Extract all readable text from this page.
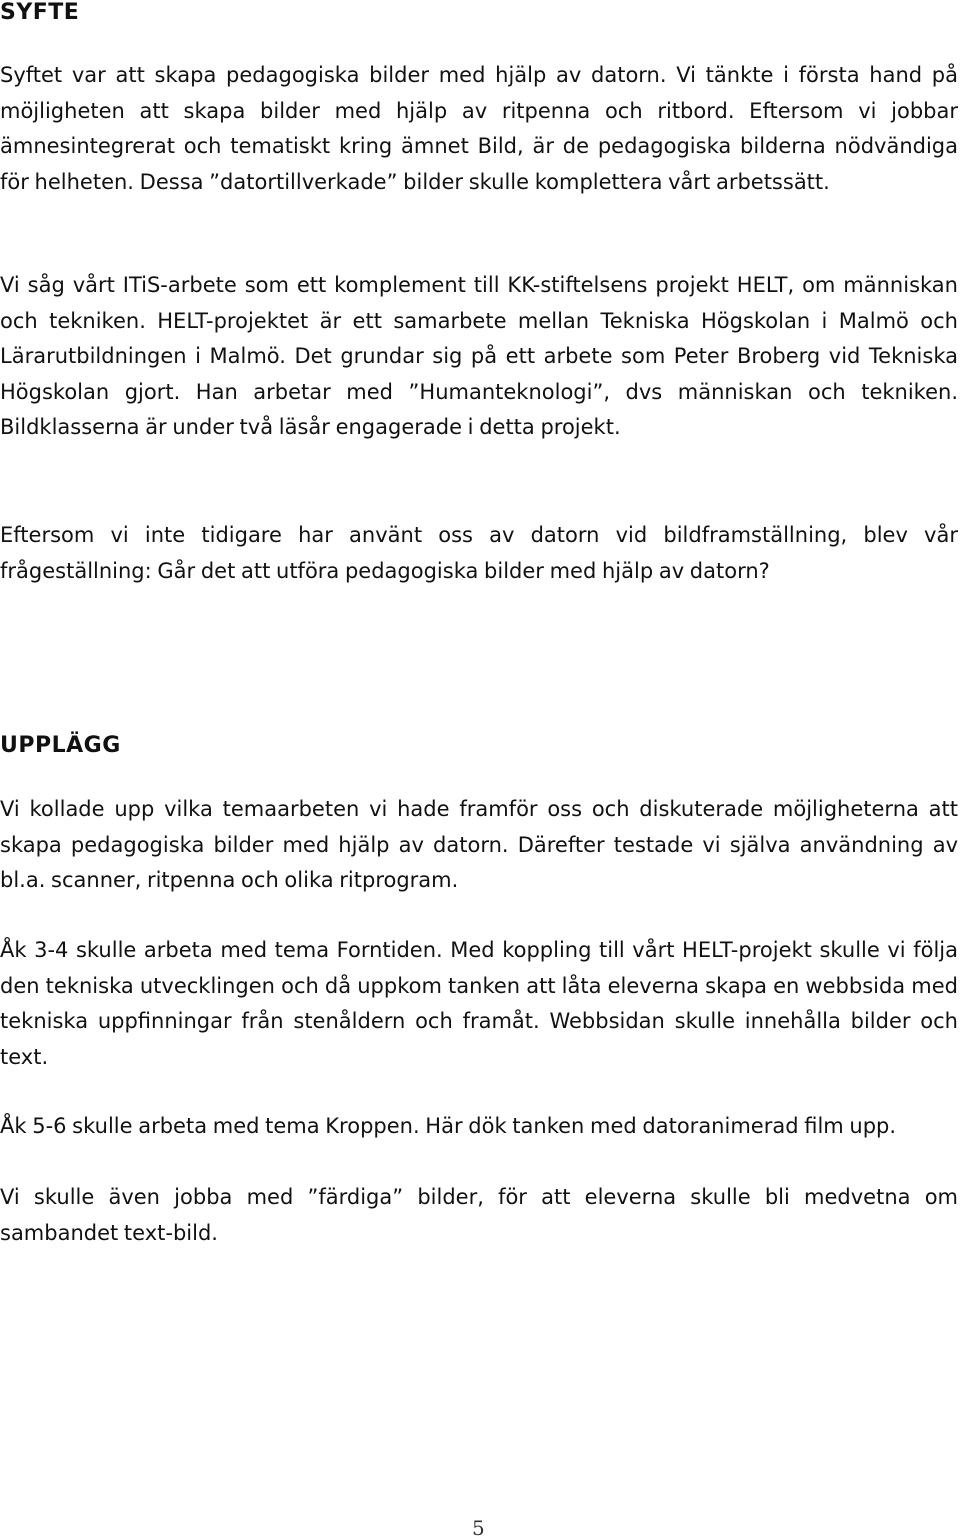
SYFTE

Syftet var att skapa pedagogiska bilder med hjälp av datorn. Vi tänkte i första hand på möjligheten att skapa bilder med hjälp av ritpenna och ritbord. Eftersom vi jobbar ämnesintegrerat och tematiskt kring ämnet Bild, är de pedagogiska bilderna nödvändiga för helheten. Dessa ”datortillverkade” bilder skulle komplettera vårt arbetssätt.

Vi såg vårt ITiS-arbete som ett komplement till KK-stiftelsens projekt HELT, om människan och tekniken. HELT-projektet är ett samarbete mellan Tekniska Högskolan i Malmö och Lärarutbildningen i Malmö. Det grundar sig på ett arbete som Peter Broberg vid Tekniska Högskolan gjort. Han arbetar med ”Humanteknologi”, dvs människan och tekniken. Bildklasserna är under två läsår engagerade i detta projekt.

Eftersom vi inte tidigare har använt oss av datorn vid bildframställning, blev vår frågeställning: Går det att utföra pedagogiska bilder med hjälp av datorn?

UPPLÄGG

Vi kollade upp vilka temaarbeten vi hade framför oss och diskuterade möjligheterna att skapa pedagogiska bilder med hjälp av datorn. Därefter testade vi själva användning av bl.a. scanner, ritpenna och olika ritprogram.

Åk 3-4 skulle arbeta med tema Forntiden. Med koppling till vårt HELT-projekt skulle vi följa den tekniska utvecklingen och då uppkom tanken att låta eleverna skapa en webbsida med tekniska uppfinningar från stenåldern och framåt. Webbsidan skulle innehålla bilder och text.

Åk 5-6 skulle arbeta med tema Kroppen. Här dök tanken med datoranimerad film upp.

Vi skulle även jobba med ”färdiga” bilder, för att eleverna skulle bli medvetna om sambandet text-bild.

5
